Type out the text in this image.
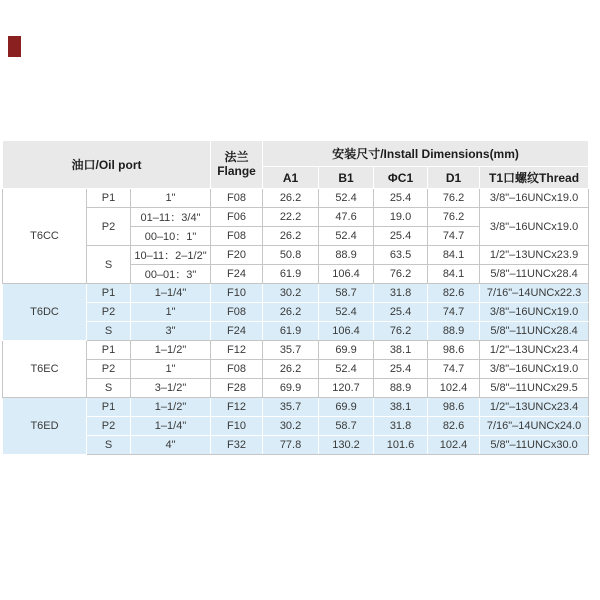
油口/Oil port			法兰
Flange	安装尺寸/Install Dimensions(mm)				
				A1	B1	ΦC1	D1	T1口螺纹Thread
T6CC	P1	1"	F08	26.2	52.4	25.4	76.2	3/8"–16UNCx19.0
	P2	01–11：3/4"	F06	22.2	47.6	19.0	76.2	3/8"–16UNCx19.0
		00–10：1"	F08	26.2	52.4	25.4	74.7	
	S	10–11：2–1/2"	F20	50.8	88.9	63.5	84.1	1/2"–13UNCx23.9
		00–01：3"	F24	61.9	106.4	76.2	84.1	5/8"–11UNCx28.4
T6DC	P1	1–1/4"	F10	30.2	58.7	31.8	82.6	7/16"–14UNCx22.3
	P2	1"	F08	26.2	52.4	25.4	74.7	3/8"–16UNCx19.0
	S	3"	F24	61.9	106.4	76.2	88.9	5/8"–11UNCx28.4
T6EC	P1	1–1/2"	F12	35.7	69.9	38.1	98.6	1/2"–13UNCx23.4
	P2	1"	F08	26.2	52.4	25.4	74.7	3/8"–16UNCx19.0
	S	3–1/2"	F28	69.9	120.7	88.9	102.4	5/8"–11UNCx29.5
T6ED	P1	1–1/2"	F12	35.7	69.9	38.1	98.6	1/2"–13UNCx23.4
	P2	1–1/4"	F10	30.2	58.7	31.8	82.6	7/16"–14UNCx24.0
	S	4"	F32	77.8	130.2	101.6	102.4	5/8"–11UNCx30.0
